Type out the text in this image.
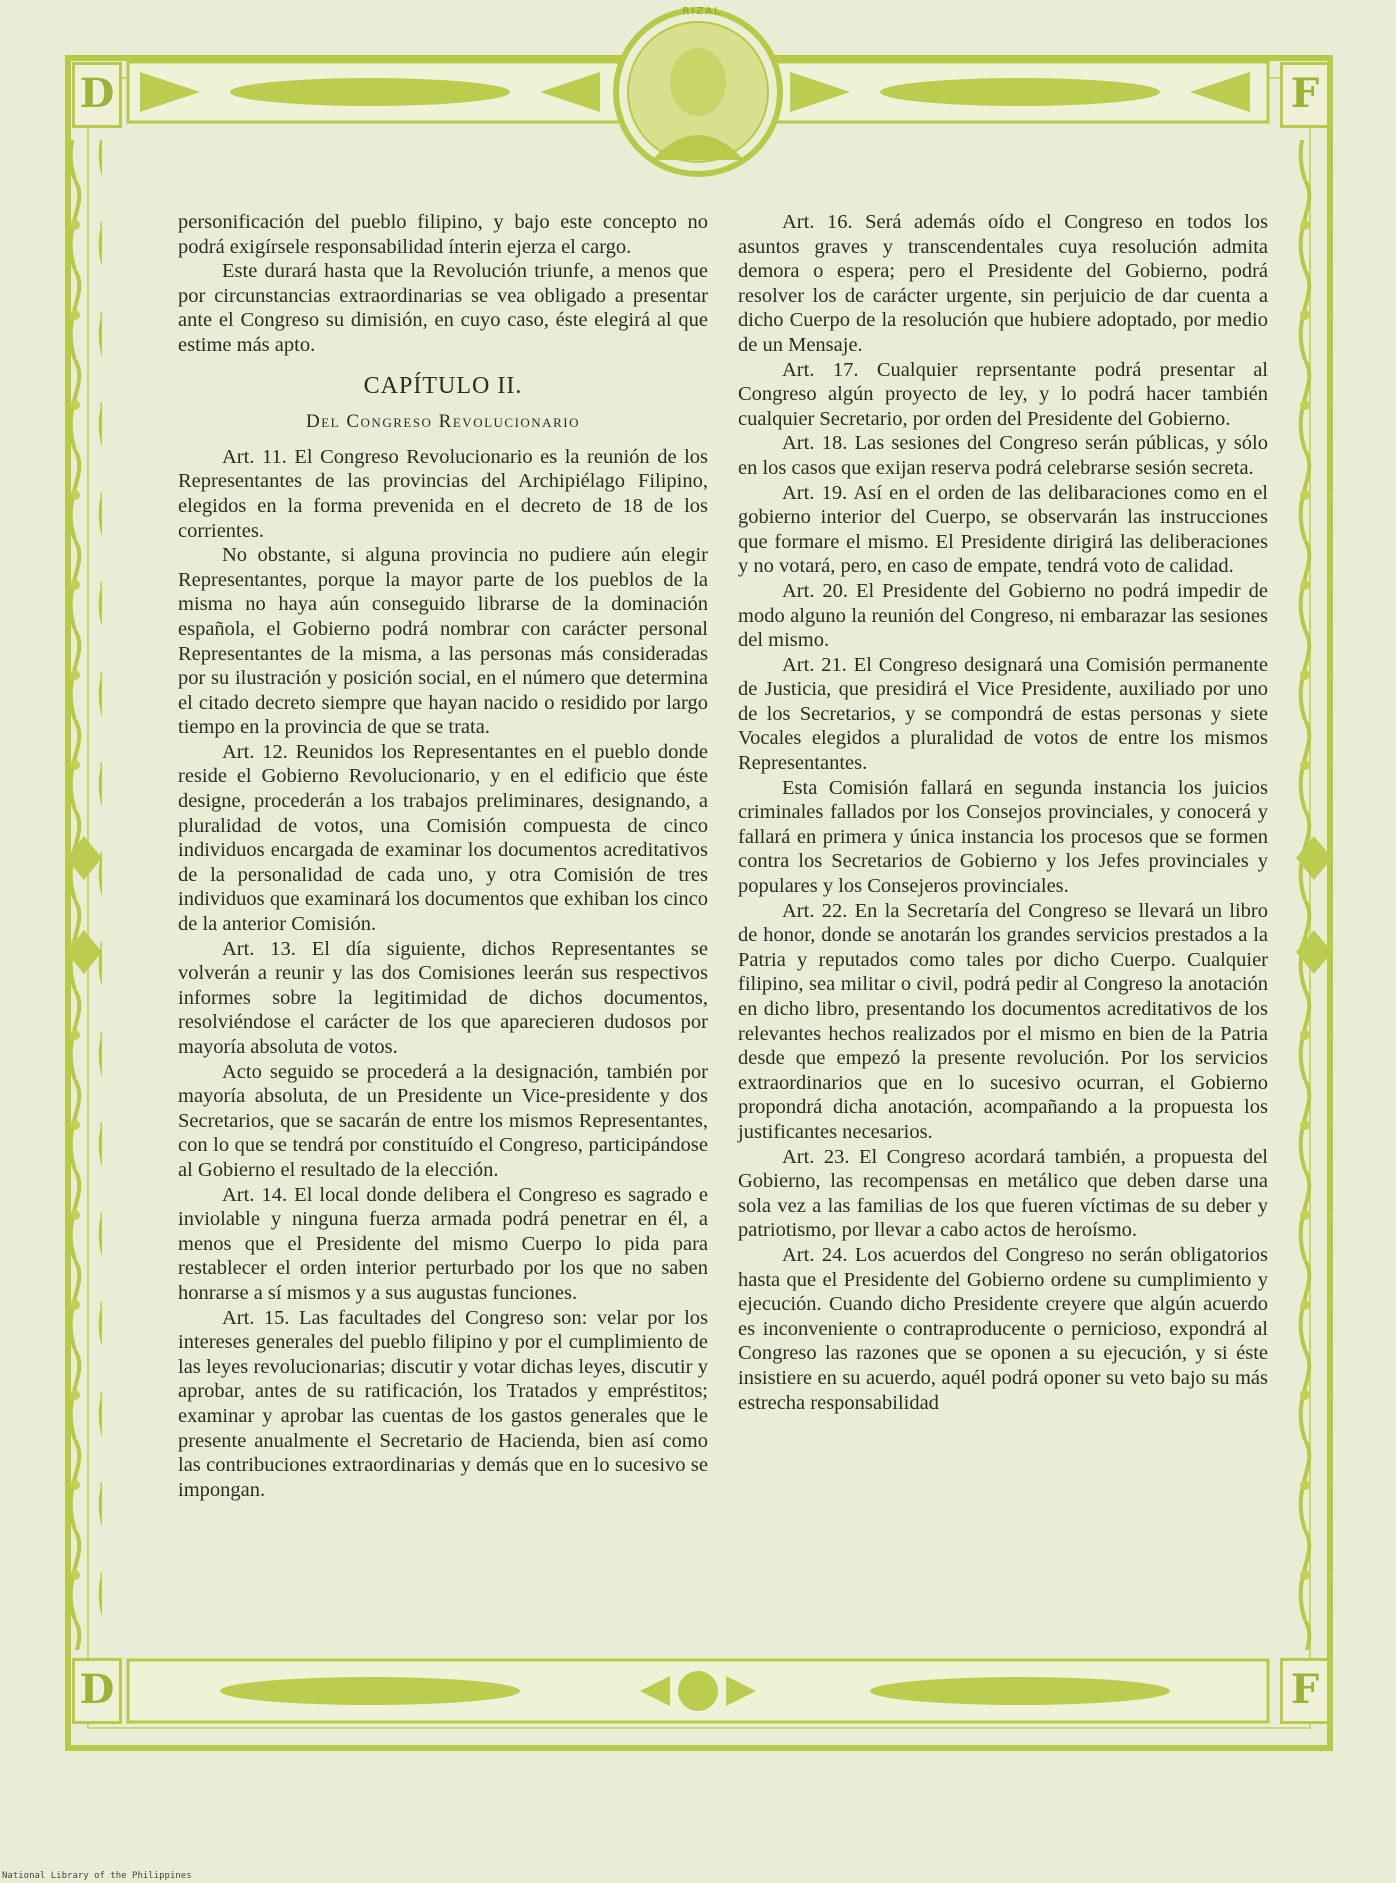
RIZAL
D	F
D	F

personificación del pueblo filipino, y bajo este concepto no podrá exigírsele responsabilidad ínterin ejerza el cargo.

Este durará hasta que la Revolución triunfe, a menos que por circunstancias extraordinarias se vea obligado a presentar ante el Congreso su dimisión, en cuyo caso, éste elegirá al que estime más apto.

CAPÍTULO II.
Del Congreso Revolucionario

Art. 11. El Congreso Revolucionario es la reunión de los Representantes de las provincias del Archipiélago Filipino, elegidos en la forma prevenida en el decreto de 18 de los corrientes.

No obstante, si alguna provincia no pudiere aún elegir Representantes, porque la mayor parte de los pueblos de la misma no haya aún conseguido librarse de la dominación española, el Gobierno podrá nombrar con carácter personal Representantes de la misma, a las personas más consideradas por su ilustración y posición social, en el número que determina el citado decreto siempre que hayan nacido o residido por largo tiempo en la provincia de que se trata.

Art. 12. Reunidos los Representantes en el pueblo donde reside el Gobierno Revolucionario, y en el edificio que éste designe, procederán a los trabajos preliminares, designando, a pluralidad de votos, una Comisión compuesta de cinco individuos encargada de examinar los documentos acreditativos de la personalidad de cada uno, y otra Comisión de tres individuos que examinará los documentos que exhiban los cinco de la anterior Comisión.

Art. 13. El día siguiente, dichos Representantes se volverán a reunir y las dos Comisiones leerán sus respectivos informes sobre la legitimidad de dichos documentos, resolviéndose el carácter de los que aparecieren dudosos por mayoría absoluta de votos.

Acto seguido se procederá a la designación, también por mayoría absoluta, de un Presidente un Vice-presidente y dos Secretarios, que se sacarán de entre los mismos Representantes, con lo que se tendrá por constituído el Congreso, participándose al Gobierno el resultado de la elección.

Art. 14. El local donde delibera el Congreso es sagrado e inviolable y ninguna fuerza armada podrá penetrar en él, a menos que el Presidente del mismo Cuerpo lo pida para restablecer el orden interior perturbado por los que no saben honrarse a sí mismos y a sus augustas funciones.

Art. 15. Las facultades del Congreso son: velar por los intereses generales del pueblo filipino y por el cumplimiento de las leyes revolucionarias; discutir y votar dichas leyes, discutir y aprobar, antes de su ratificación, los Tratados y empréstitos; examinar y aprobar las cuentas de los gastos generales que le presente anualmente el Secretario de Hacienda, bien así como las contribuciones extraordinarias y demás que en lo sucesivo se impongan.

Art. 16. Será además oído el Congreso en todos los asuntos graves y transcendentales cuya resolución admita demora o espera; pero el Presidente del Gobierno, podrá resolver los de carácter urgente, sin perjuicio de dar cuenta a dicho Cuerpo de la resolución que hubiere adoptado, por medio de un Mensaje.

Art. 17. Cualquier reprsentante podrá presentar al Congreso algún proyecto de ley, y lo podrá hacer también cualquier Secretario, por orden del Presidente del Gobierno.

Art. 18. Las sesiones del Congreso serán públicas, y sólo en los casos que exijan reserva podrá celebrarse sesión secreta.

Art. 19. Así en el orden de las delibaraciones como en el gobierno interior del Cuerpo, se observarán las instrucciones que formare el mismo. El Presidente dirigirá las deliberaciones y no votará, pero, en caso de empate, tendrá voto de calidad.

Art. 20. El Presidente del Gobierno no podrá impedir de modo alguno la reunión del Congreso, ni embarazar las sesiones del mismo.

Art. 21. El Congreso designará una Comisión permanente de Justicia, que presidirá el Vice Presidente, auxiliado por uno de los Secretarios, y se compondrá de estas personas y siete Vocales elegidos a pluralidad de votos de entre los mismos Representantes.

Esta Comisión fallará en segunda instancia los juicios criminales fallados por los Consejos provinciales, y conocerá y fallará en primera y única instancia los procesos que se formen contra los Secretarios de Gobierno y los Jefes provinciales y populares y los Consejeros provinciales.

Art. 22. En la Secretaría del Congreso se llevará un libro de honor, donde se anotarán los grandes servicios prestados a la Patria y reputados como tales por dicho Cuerpo. Cualquier filipino, sea militar o civil, podrá pedir al Congreso la anotación en dicho libro, presentando los documentos acreditativos de los relevantes hechos realizados por el mismo en bien de la Patria desde que empezó la presente revolución. Por los servicios extraordinarios que en lo sucesivo ocurran, el Gobierno propondrá dicha anotación, acompañando a la propuesta los justificantes necesarios.

Art. 23. El Congreso acordará también, a propuesta del Gobierno, las recompensas en metálico que deben darse una sola vez a las familias de los que fueren víctimas de su deber y patriotismo, por llevar a cabo actos de heroísmo.

Art. 24. Los acuerdos del Congreso no serán obligatorios hasta que el Presidente del Gobierno ordene su cumplimiento y ejecución. Cuando dicho Presidente creyere que algún acuerdo es inconveniente o contraproducente o pernicioso, expondrá al Congreso las razones que se oponen a su ejecución, y si éste insistiere en su acuerdo, aquél podrá oponer su veto bajo su más estrecha responsabilidad

National Library of the Philippines
